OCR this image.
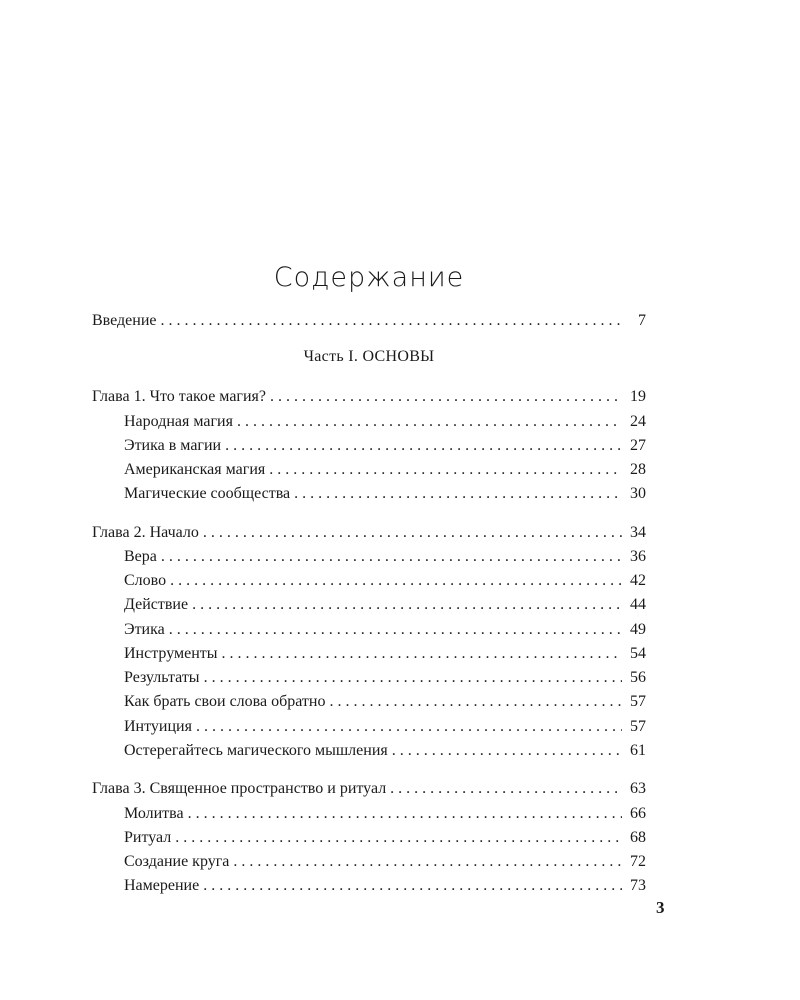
Содержание
Введение . . .	7
Часть I. ОСНОВЫ
Глава 1. Что такое магия? . . .	19
Народная магия . . .	24
Этика в магии . . .	27
Американская магия . . .	28
Магические сообщества . . .	30
Глава 2. Начало . . .	34
Вера . . .	36
Слово . . .	42
Действие . . .	44
Этика . . .	49
Инструменты . . .	54
Результаты . . .	56
Как брать свои слова обратно . . .	57
Интуиция . . .	57
Остерегайтесь магического мышления . . .	61
Глава 3. Священное пространство и ритуал . . .	63
Молитва . . .	66
Ритуал . . .	68
Создание круга . . .	72
Намерение . . .	73
3
